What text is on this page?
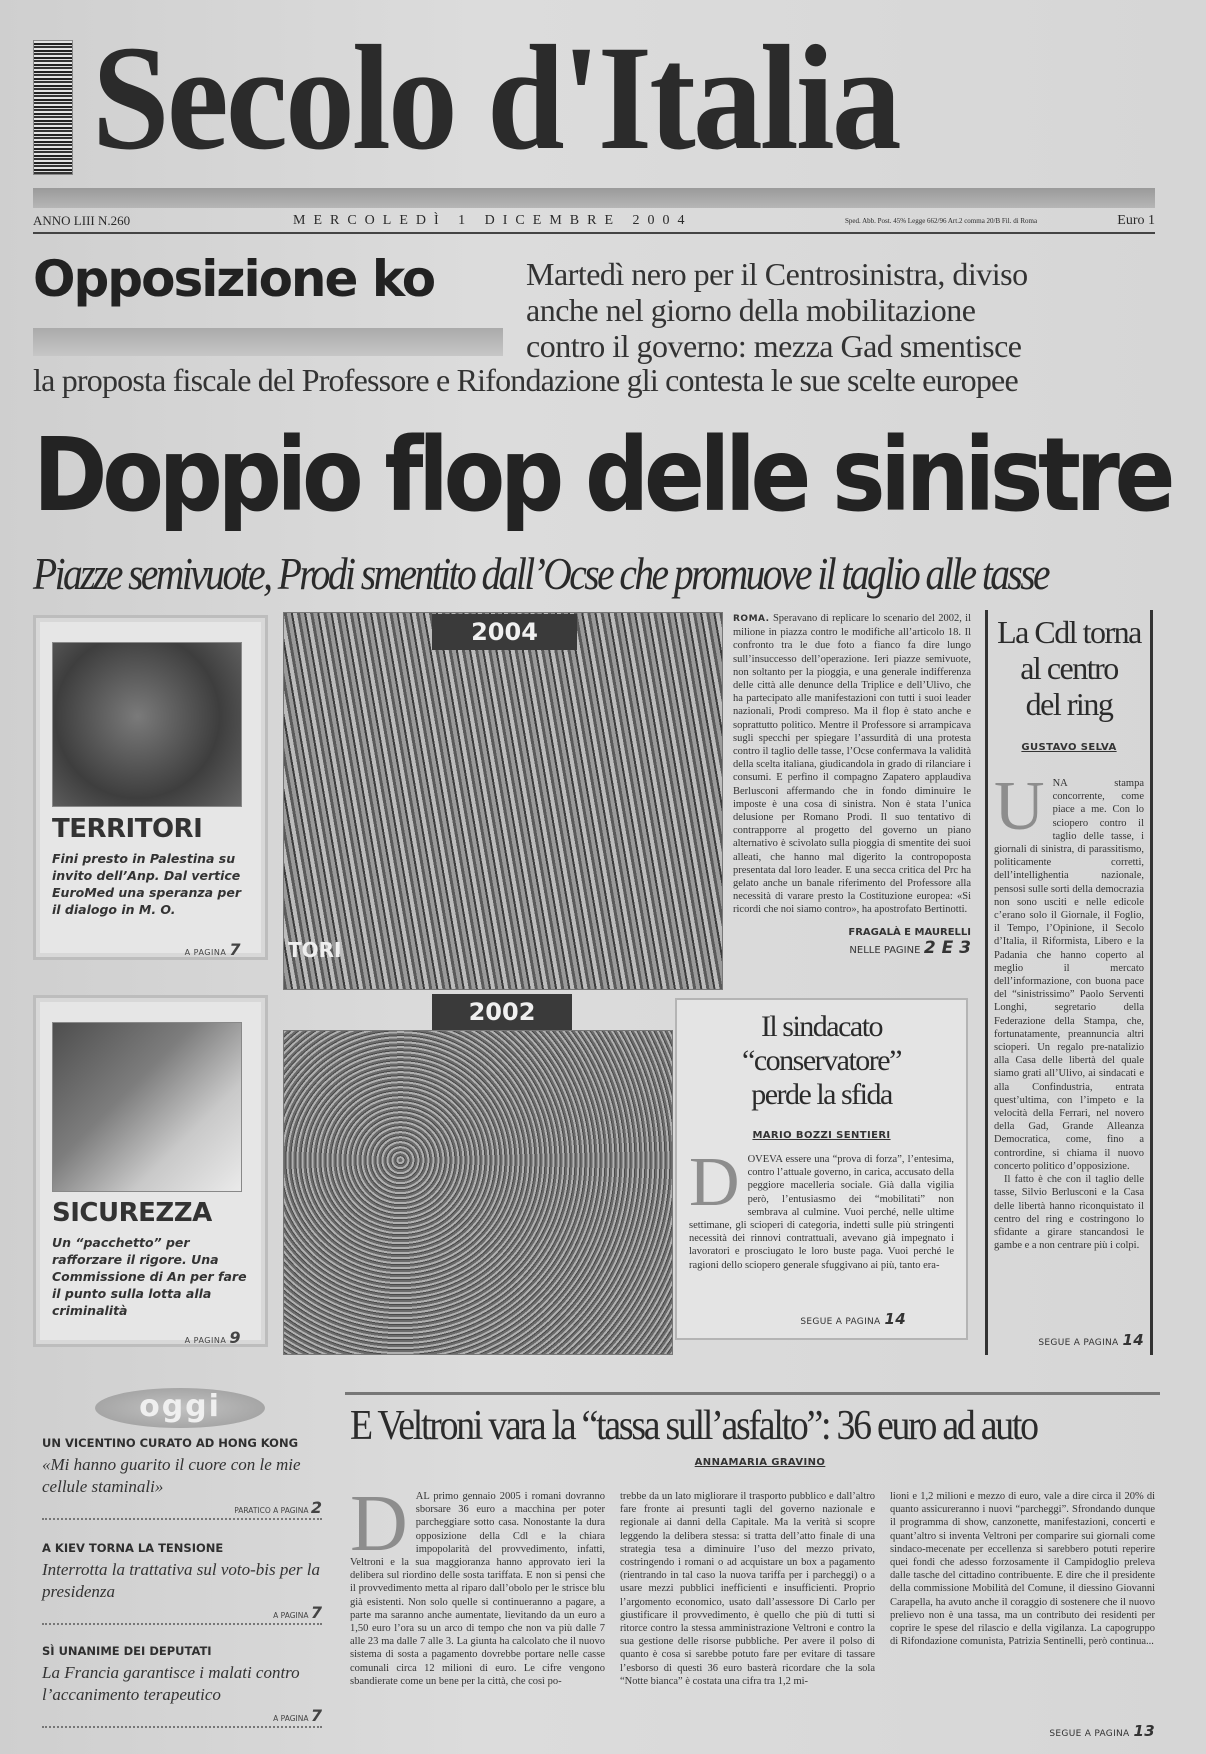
Secolo d'Italia
ANNO LIII N.260	MERCOLEDÌ 1 DICEMBRE 2004	Sped. Abb. Post. 45% Legge 662/96 Art.2 comma 20/B Fil. di Roma	Euro 1
Opposizione ko	Martedì nero per il Centrosinistra, diviso
anche nel giorno della mobilitazione
contro il governo: mezza Gad smentisce
la proposta fiscale del Professore e Rifondazione gli contesta le sue scelte europee
Doppio flop delle sinistre
Piazze semivuote, Prodi smentito dall’Ocse che promuove il taglio alle tasse
TERRITORI
Fini presto in Palestina su invito dell’Anp. Dal vertice EuroMed una speranza per il dialogo in M. O.
A PAGINA 7
SICUREZZA
Un “pacchetto” per rafforzare il rigore. Una Commissione di An per fare il punto sulla lotta alla criminalità
A PAGINA 9
2004
TORI
2002
ROMA. Speravano di replicare lo scenario del 2002, il milione in piazza contro le modifiche all’articolo 18. Il confronto tra le due foto a fianco fa dire lungo sull’insuccesso dell’operazione. Ieri piazze semivuote, non soltanto per la pioggia, e una generale indifferenza delle città alle denunce della Triplice e dell’Ulivo, che ha partecipato alle manifestazioni con tutti i suoi leader nazionali, Prodi compreso. Ma il flop è stato anche e soprattutto politico. Mentre il Professore si arrampicava sugli specchi per spiegare l’assurdità di una protesta contro il taglio delle tasse, l’Ocse confermava la validità della scelta italiana, giudicandola in grado di rilanciare i consumi. E perfino il compagno Zapatero applaudiva Berlusconi affermando che in fondo diminuire le imposte è una cosa di sinistra. Non è stata l’unica delusione per Romano Prodi. Il suo tentativo di contrapporre al progetto del governo un piano alternativo è scivolato sulla pioggia di smentite dei suoi alleati, che hanno mal digerito la contropoposta presentata dal loro leader. E una secca critica del Prc ha gelato anche un banale riferimento del Professore alla necessità di varare presto la Costituzione europea: «Si ricordi che noi siamo contro», ha apostrofato Bertinotti.
FRAGALÀ E MAURELLI
NELLE PAGINE 2 E 3
La Cdl torna
al centro
del ring
GUSTAVO SELVA
UNA stampa concorrente, come piace a me. Con lo sciopero contro il taglio delle tasse, i giornali di sinistra, di parassitismo, politicamente corretti, dell’intellighentia nazionale, pensosi sulle sorti della democrazia non sono usciti e nelle edicole c’erano solo il Giornale, il Foglio, il Tempo, l’Opinione, il Secolo d’Italia, il Riformista, Libero e la Padania che hanno coperto al meglio il mercato dell’informazione, con buona pace del “sinistrissimo” Paolo Serventi Longhi, segretario della Federazione della Stampa, che, fortunatamente, preannuncia altri scioperi. Un regalo pre-natalizio alla Casa delle libertà del quale siamo grati all’Ulivo, ai sindacati e alla Confindustria, entrata quest’ultima, con l’impeto e la velocità della Ferrari, nel novero della Gad, Grande Alleanza Democratica, come, fino a contrordine, si chiama il nuovo concerto politico d’opposizione.
Il fatto è che con il taglio delle tasse, Silvio Berlusconi e la Casa delle libertà hanno riconquistato il centro del ring e costringono lo sfidante a girare stancandosi le gambe e a non centrare più i colpi.
SEGUE A PAGINA 14
Il sindacato
“conservatore”
perde la sfida
MARIO BOZZI SENTIERI
DOVEVA essere una “prova di forza”, l’entesima, contro l’attuale governo, in carica, accusato della peggiore macelleria sociale. Già dalla vigilia però, l’entusiasmo dei “mobilitati” non sembrava al culmine. Vuoi perché, nelle ultime settimane, gli scioperi di categoria, indetti sulle più stringenti necessità dei rinnovi contrattuali, avevano già impegnato i lavoratori e prosciugato le loro buste paga. Vuoi perché le ragioni dello sciopero generale sfuggivano ai più, tanto era-
SEGUE A PAGINA 14
oggi
UN VICENTINO CURATO AD HONG KONG
«Mi hanno guarito il cuore con le mie cellule staminali»
PARATICO A PAGINA 2
A KIEV TORNA LA TENSIONE
Interrotta la trattativa sul voto-bis per la presidenza
A PAGINA 7
SÌ UNANIME DEI DEPUTATI
La Francia garantisce i malati contro l’accanimento terapeutico
A PAGINA 7
E Veltroni vara la “tassa sull’asfalto”: 36 euro ad auto
ANNAMARIA GRAVINO
DAL primo gennaio 2005 i romani dovranno sborsare 36 euro a macchina per poter parcheggiare sotto casa. Nonostante la dura opposizione della Cdl e la chiara impopolarità del provvedimento, infatti, Veltroni e la sua maggioranza hanno approvato ieri la delibera sul riordino delle sosta tariffata. E non si pensi che il provvedimento metta al riparo dall’obolo per le strisce blu già esistenti. Non solo quelle si continueranno a pagare, a parte ma saranno anche aumentate, lievitando da un euro a 1,50 euro l’ora su un arco di tempo che non va più dalle 7 alle 23 ma dalle 7 alle 3. La giunta ha calcolato che il nuovo sistema di sosta a pagamento dovrebbe portare nelle casse comunali circa 12 milioni di euro. Le cifre vengono sbandierate come un bene per la città, che così po-
trebbe da un lato migliorare il trasporto pubblico e dall’altro fare fronte ai presunti tagli del governo nazionale e regionale ai danni della Capitale. Ma la verità si scopre leggendo la delibera stessa: si tratta dell’atto finale di una strategia tesa a diminuire l’uso del mezzo privato, costringendo i romani o ad acquistare un box a pagamento (rientrando in tal caso la nuova tariffa per i parcheggi) o a usare mezzi pubblici inefficienti e insufficienti. Proprio l’argomento economico, usato dall’assessore Di Carlo per giustificare il provvedimento, è quello che più di tutti si ritorce contro la stessa amministrazione Veltroni e contro la sua gestione delle risorse pubbliche. Per avere il polso di quanto è cosa si sarebbe potuto fare per evitare di tassare l’esborso di questi 36 euro basterà ricordare che la sola “Notte bianca” è costata una cifra tra 1,2 mi-
lioni e 1,2 milioni e mezzo di euro, vale a dire circa il 20% di quanto assicureranno i nuovi “parcheggi”. Sfrondando dunque il programma di show, canzonette, manifestazioni, concerti e quant’altro si inventa Veltroni per comparire sui giornali come sindaco-mecenate per eccellenza si sarebbero potuti reperire quei fondi che adesso forzosamente il Campidoglio preleva dalle tasche del cittadino contribuente. E dire che il presidente della commissione Mobilità del Comune, il diessino Giovanni Carapella, ha avuto anche il coraggio di sostenere che il nuovo prelievo non è una tassa, ma un contributo dei residenti per coprire le spese del rilascio e della vigilanza. La capogruppo di Rifondazione comunista, Patrizia Sentinelli, però continua...
SEGUE A PAGINA 13
